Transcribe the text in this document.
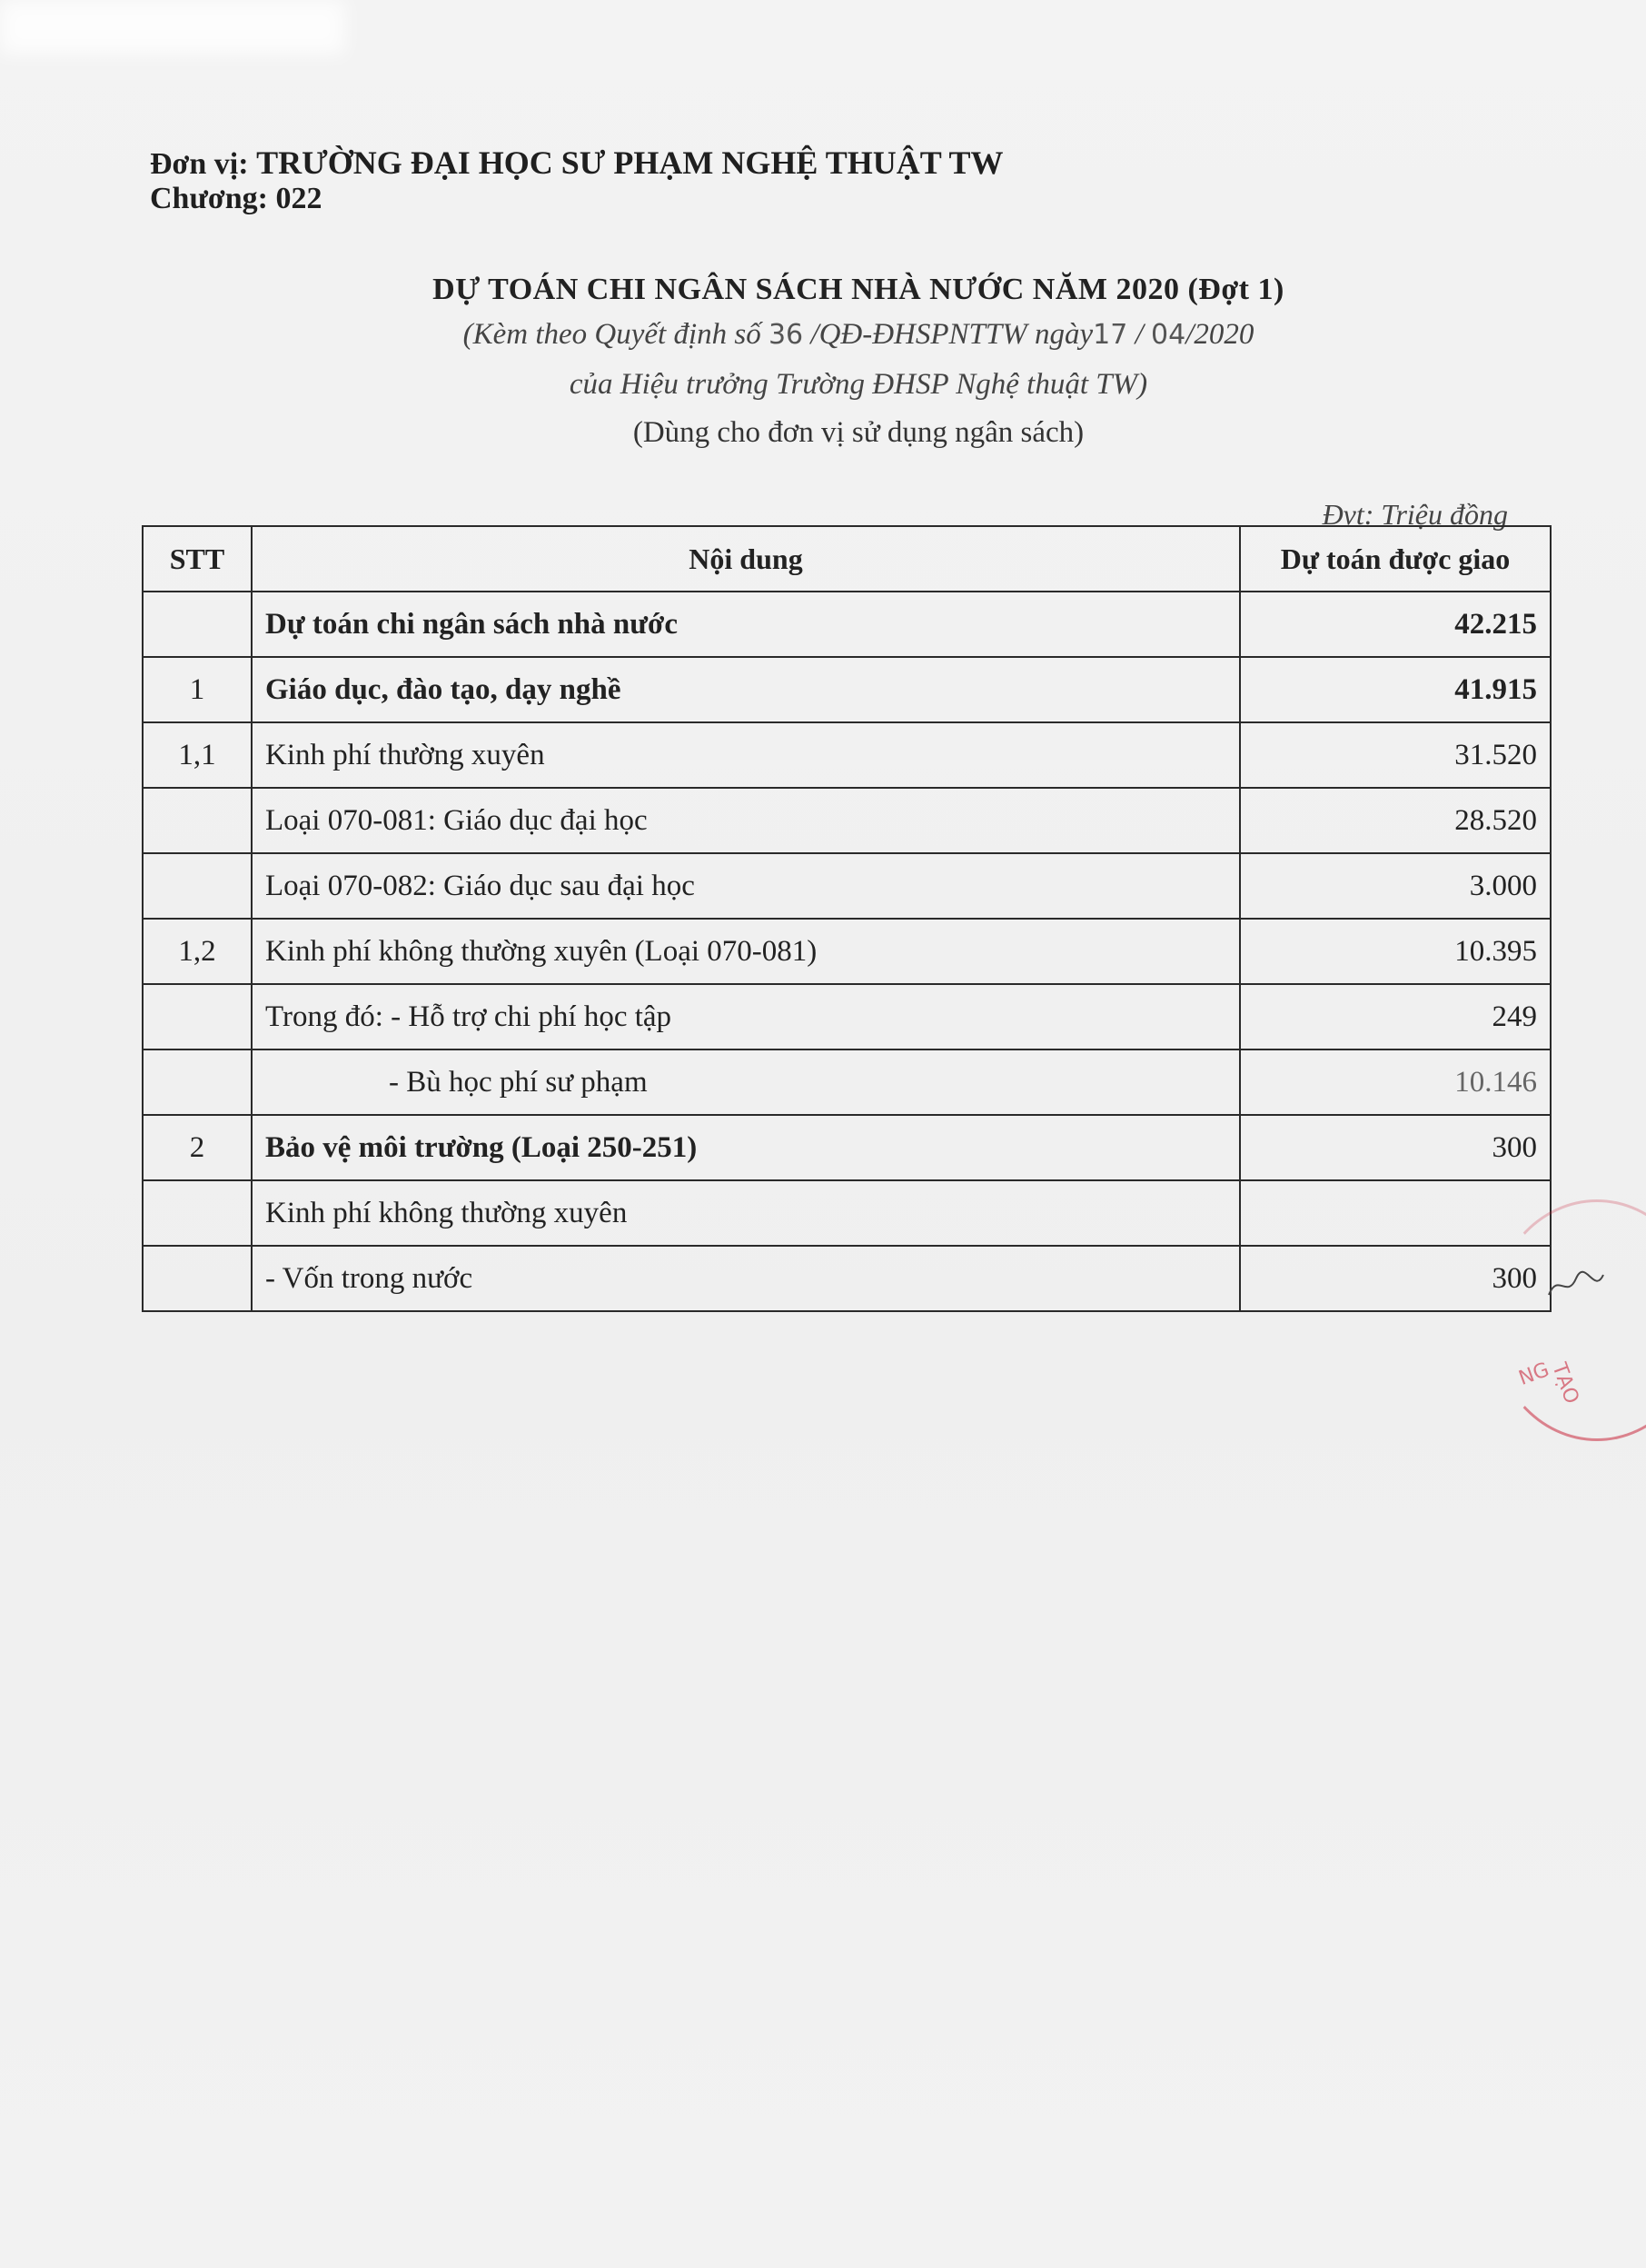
Đơn vị: TRƯỜNG ĐẠI HỌC SƯ PHẠM NGHỆ THUẬT TW
Chương: 022
DỰ TOÁN CHI NGÂN SÁCH NHÀ NƯỚC NĂM 2020 (Đợt 1)
(Kèm theo Quyết định số 36 /QĐ-ĐHSPNTTW ngày17 / 04/2020
của Hiệu trưởng Trường ĐHSP Nghệ thuật TW)
(Dùng cho đơn vị sử dụng ngân sách)
Đvt: Triệu đồng
STT	Nội dung	Dự toán được giao
	Dự toán chi ngân sách nhà nước	42.215
1	Giáo dục, đào tạo, dạy nghề	41.915
1,1	Kinh phí thường xuyên	31.520
	Loại 070-081: Giáo dục đại học	28.520
	Loại 070-082: Giáo dục sau đại học	3.000
1,2	Kinh phí không thường xuyên (Loại 070-081)	10.395
	Trong đó: - Hỗ trợ chi phí học tập	249
	- Bù học phí sư phạm	10.146
2	Bảo vệ môi trường (Loại 250-251)	300
	Kinh phí không thường xuyên	
	- Vốn trong nước	300
NG
TẠO
